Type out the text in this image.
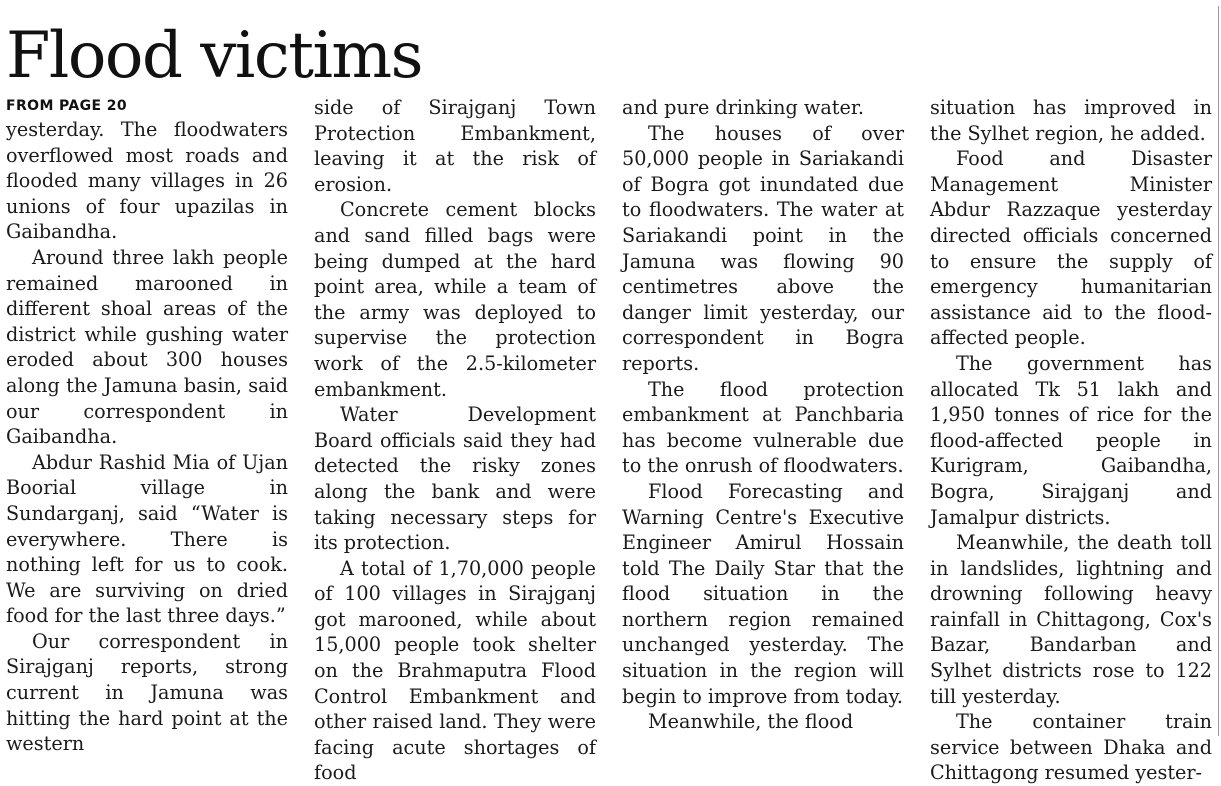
Flood victims
FROM PAGE 20

yesterday. The floodwaters overflowed most roads and flooded many villages in 26 unions of four upazilas in Gaibandha.

Around three lakh people remained marooned in different shoal areas of the district while gushing water eroded about 300 houses along the Jamuna basin, said our correspondent in Gaibandha.

Abdur Rashid Mia of Ujan Boorial village in Sundarganj, said “Water is everywhere. There is nothing left for us to cook. We are surviving on dried food for the last three days.”

Our correspondent in Sirajganj reports, strong current in Jamuna was hitting the hard point at the western

side of Sirajganj Town Protection Embankment, leaving it at the risk of erosion.

Concrete cement blocks and sand filled bags were being dumped at the hard point area, while a team of the army was deployed to supervise the protection work of the 2.5-kilometer embankment.

Water Development Board officials said they had detected the risky zones along the bank and were taking necessary steps for its protection.

A total of 1,70,000 people of 100 villages in Sirajganj got marooned, while about 15,000 people took shelter on the Brahmaputra Flood Control Embankment and other raised land. They were facing acute shortages of food

and pure drinking water.

The houses of over 50,000 people in Sariakandi of Bogra got inundated due to floodwaters. The water at Sariakandi point in the Jamuna was flowing 90 centimetres above the danger limit yesterday, our correspondent in Bogra reports.

The flood protection embankment at Panchbaria has become vulnerable due to the onrush of floodwaters.

Flood Forecasting and Warning Centre's Executive Engineer Amirul Hossain told The Daily Star that the flood situation in the northern region remained unchanged yesterday. The situation in the region will begin to improve from today.

Meanwhile, the flood

situation has improved in the Sylhet region, he added.

Food and Disaster Management Minister Abdur Razzaque yesterday directed officials concerned to ensure the supply of emergency humanitarian assistance aid to the flood-affected people.

The government has allocated Tk 51 lakh and 1,950 tonnes of rice for the flood-affected people in Kurigram, Gaibandha, Bogra, Sirajganj and Jamalpur districts.

Meanwhile, the death toll in landslides, lightning and drowning following heavy rainfall in Chittagong, Cox's Bazar, Bandarban and Sylhet districts rose to 122 till yesterday.

The container train service between Dhaka and Chittagong resumed yester-
